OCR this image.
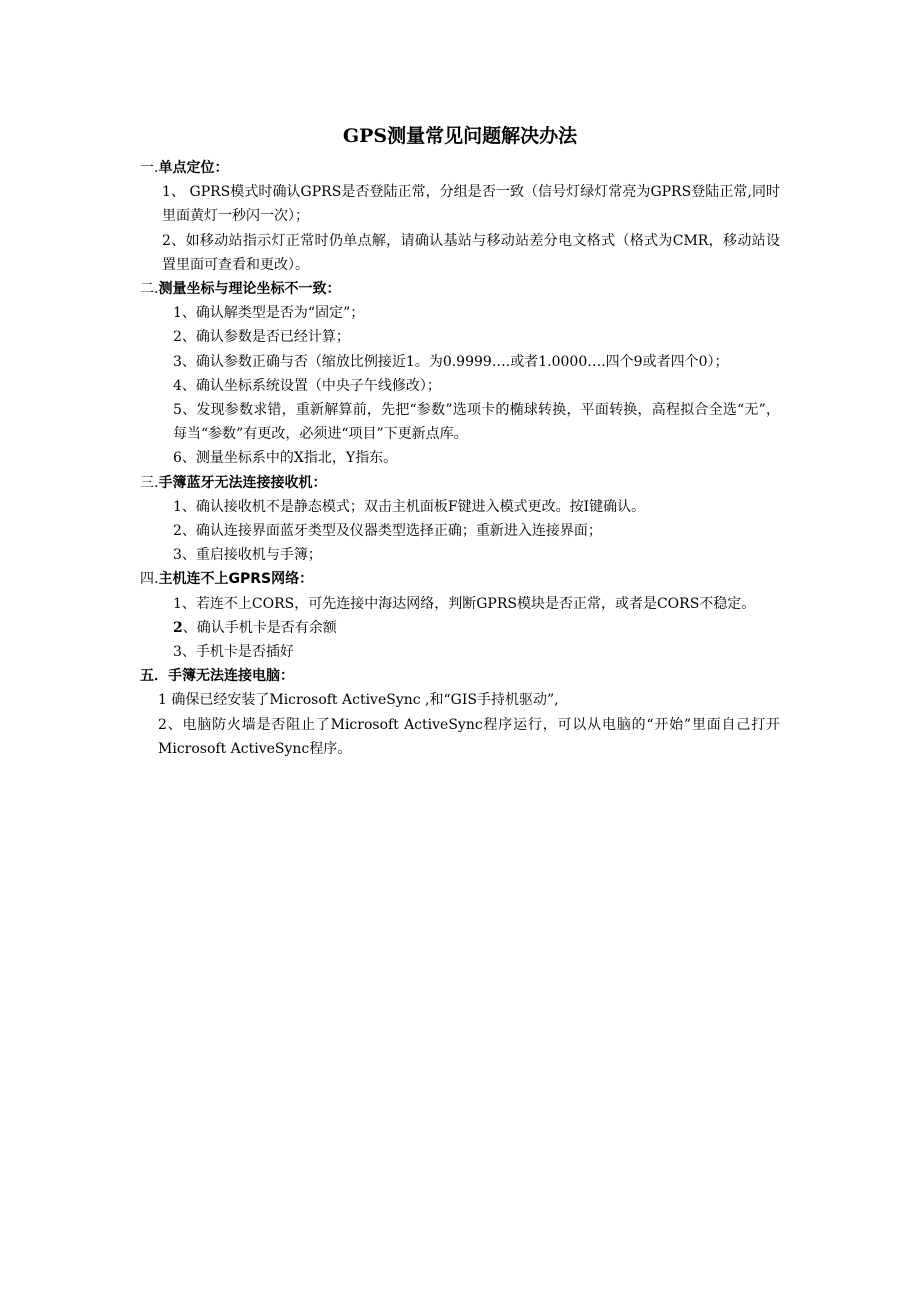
GPS测量常见问题解决办法

一.单点定位：

1、 GPRS模式时确认GPRS是否登陆正常，分组是否一致（信号灯绿灯常亮为GPRS登陆正常,同时里面黄灯一秒闪一次）；

2、如移动站指示灯正常时仍单点解，请确认基站与移动站差分电文格式（格式为CMR，移动站设置里面可查看和更改）。

二.测量坐标与理论坐标不一致：

1、确认解类型是否为“固定”；

2、确认参数是否已经计算；

3、确认参数正确与否（缩放比例接近1。为0.9999….或者1.0000….四个9或者四个0）；

4、确认坐标系统设置（中央子午线修改）；

5、发现参数求错，重新解算前，先把“参数”选项卡的椭球转换，平面转换，高程拟合全选“无”，每当“参数”有更改，必须进“项目”下更新点库。

6、测量坐标系中的X指北，Y指东。

三.手簿蓝牙无法连接接收机：

1、确认接收机不是静态模式；双击主机面板F键进入模式更改。按I键确认。

2、确认连接界面蓝牙类型及仪器类型选择正确；重新进入连接界面；

3、重启接收机与手簿；

四.主机连不上GPRS网络：

1、若连不上CORS，可先连接中海达网络，判断GPRS模块是否正常，或者是CORS不稳定。

2、确认手机卡是否有余额

3、手机卡是否插好

五．手簿无法连接电脑：

1 确保已经安装了Microsoft ActiveSync ,和“GIS手持机驱动”,

2、电脑防火墙是否阻止了Microsoft ActiveSync程序运行，可以从电脑的“开始”里面自己打开Microsoft ActiveSync程序。
